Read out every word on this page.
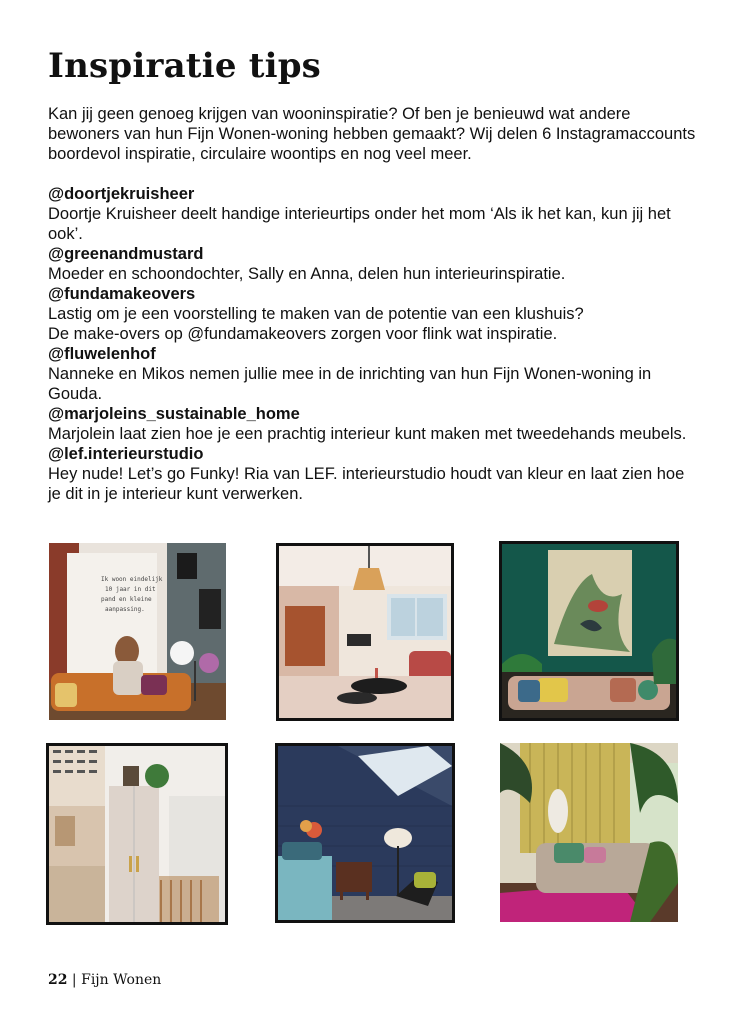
Inspiratie tips

Kan jij geen genoeg krijgen van wooninspiratie? Of ben je benieuwd wat andere bewoners van hun Fijn Wonen-woning hebben gemaakt? Wij delen 6 Instagramaccounts boordevol inspiratie, circulaire woontips en nog veel meer.

@doortjekruisheer

Doortje Kruisheer deelt handige interieurtips onder het mom ‘Als ik het kan, kun jij het ook’.

@greenandmustard

Moeder en schoondochter, Sally en Anna, delen hun interieurinspiratie.

@fundamakeovers

Lastig om je een voorstelling te maken van de potentie van een klushuis?

De make-overs op @fundamakeovers zorgen voor flink wat inspiratie.

@fluwelenhof

Nanneke en Mikos nemen jullie mee in de inrichting van hun Fijn Wonen-woning in Gouda.

@marjoleins_sustainable_home

Marjolein laat zien hoe je een prachtig interieur kunt maken met tweedehands meubels.

@lef.interieurstudio

Hey nude! Let’s go Funky! Ria van LEF. interieurstudio houdt van kleur en laat zien hoe je dit in je interieur kunt verwerken.

Ik woon eindelijk
10 jaar in dit
pand en kleine
aanpassing.
22 | Fijn Wonen
